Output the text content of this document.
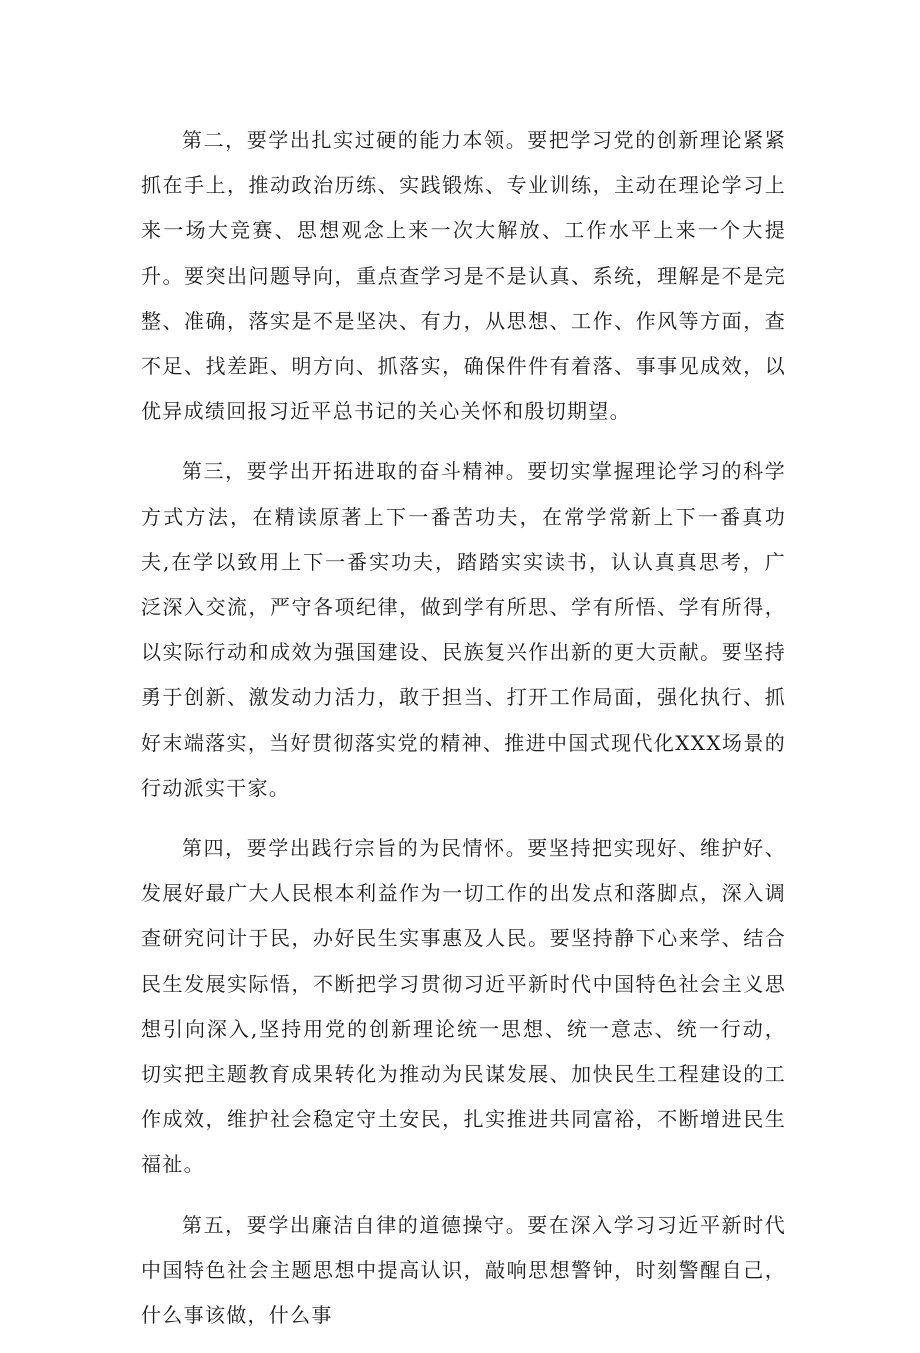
第二，要学出扎实过硬的能力本领。要把学习党的创新理论紧紧抓在手上，推动政治历练、实践锻炼、专业训练，主动在理论学习上来一场大竞赛、思想观念上来一次大解放、工作水平上来一个大提升。要突出问题导向，重点查学习是不是认真、系统，理解是不是完整、准确，落实是不是坚决、有力，从思想、工作、作风等方面，查不足、找差距、明方向、抓落实，确保件件有着落、事事见成效，以优异成绩回报习近平总书记的关心关怀和殷切期望。

第三，要学出开拓进取的奋斗精神。要切实掌握理论学习的科学方式方法，在精读原著上下一番苦功夫，在常学常新上下一番真功夫,在学以致用上下一番实功夫，踏踏实实读书，认认真真思考，广泛深入交流，严守各项纪律，做到学有所思、学有所悟、学有所得，以实际行动和成效为强国建设、民族复兴作出新的更大贡献。要坚持勇于创新、激发动力活力，敢于担当、打开工作局面，强化执行、抓好末端落实，当好贯彻落实党的精神、推进中国式现代化XXX场景的行动派实干家。

第四，要学出践行宗旨的为民情怀。要坚持把实现好、维护好、发展好最广大人民根本利益作为一切工作的出发点和落脚点，深入调查研究问计于民，办好民生实事惠及人民。要坚持静下心来学、结合民生发展实际悟，不断把学习贯彻习近平新时代中国特色社会主义思想引向深入,坚持用党的创新理论统一思想、统一意志、统一行动，切实把主题教育成果转化为推动为民谋发展、加快民生工程建设的工作成效，维护社会稳定守土安民，扎实推进共同富裕，不断增进民生福祉。

第五，要学出廉洁自律的道德操守。要在深入学习习近平新时代中国特色社会主题思想中提高认识，敲响思想警钟，时刻警醒自己，什么事该做，什么事
